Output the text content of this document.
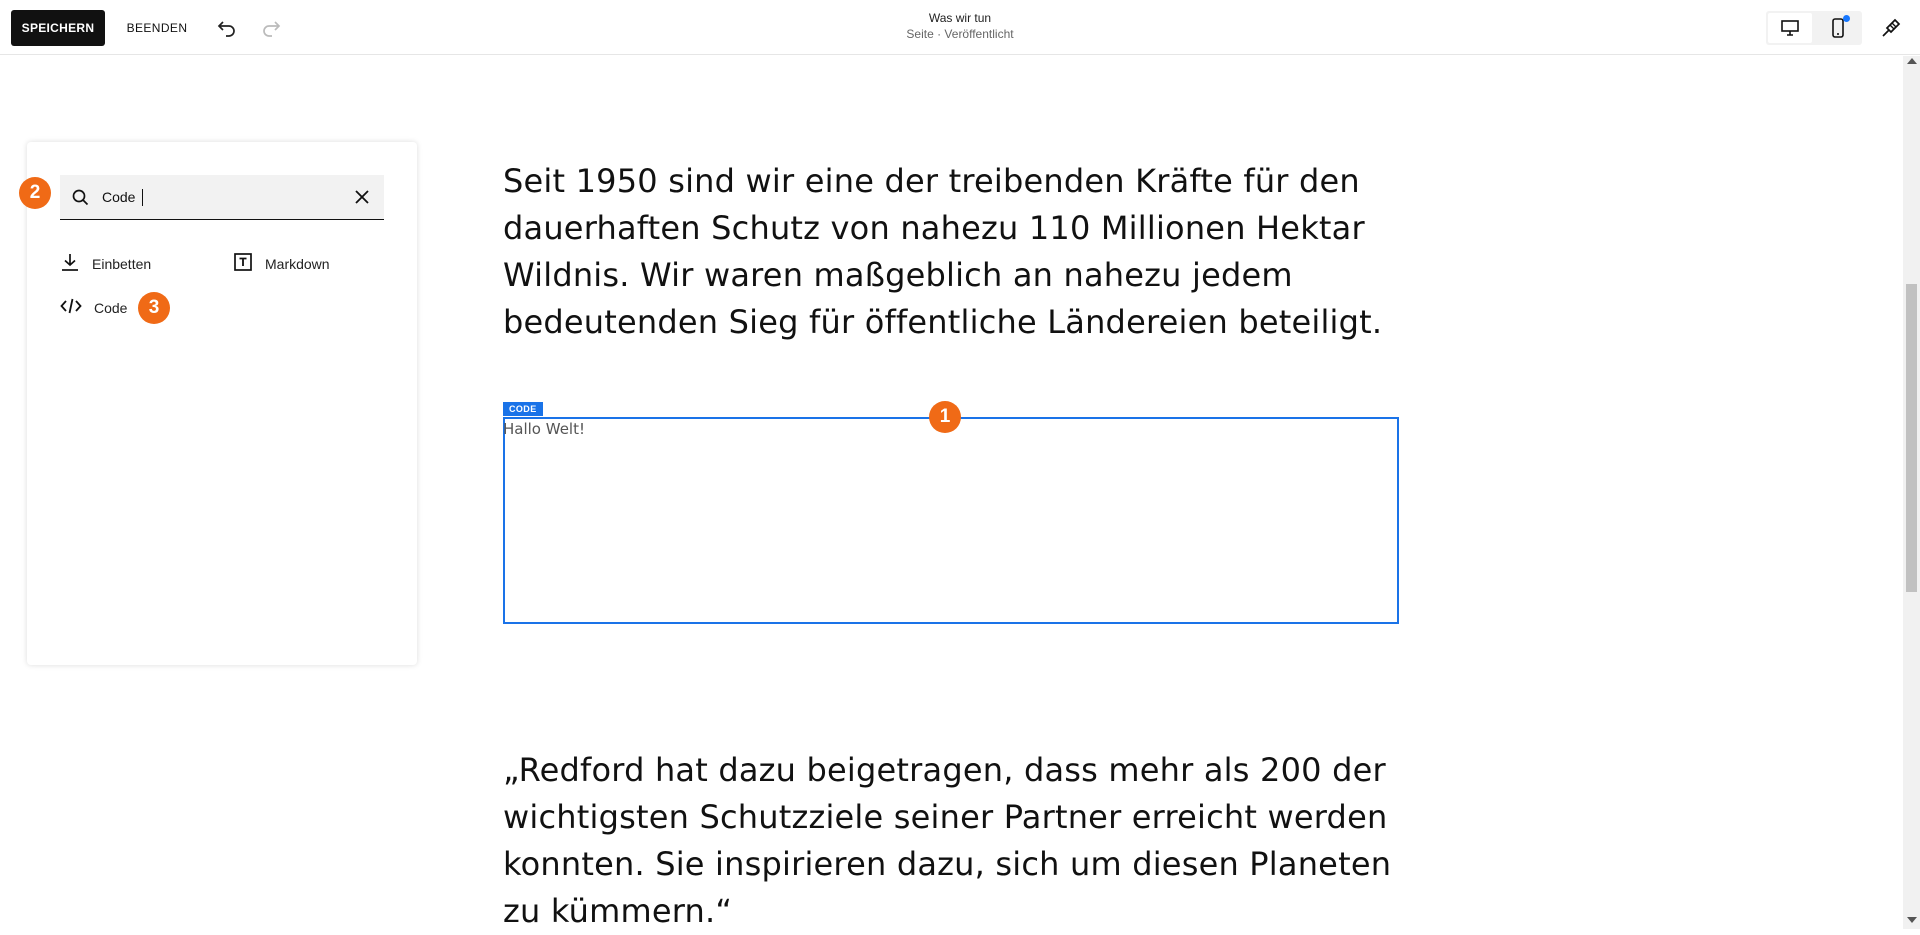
SPEICHERN	BEENDEN
Was wir tun
Seite · Veröffentlicht
Code
Einbetten	Markdown
Code

Seit 1950 sind wir eine der treibenden Kräfte für den dauerhaften Schutz von nahezu 110 Millionen Hektar Wildnis. Wir waren maßgeblich an nahezu jedem bedeutenden Sieg für öffentliche Ländereien beteiligt.

CODE
Hallo Welt!

„Redford hat dazu beigetragen, dass mehr als 200 der wichtigsten Schutzziele seiner Partner erreicht werden konnten. Sie inspirieren dazu, sich um diesen Planeten zu kümmern.“

1
2
3
